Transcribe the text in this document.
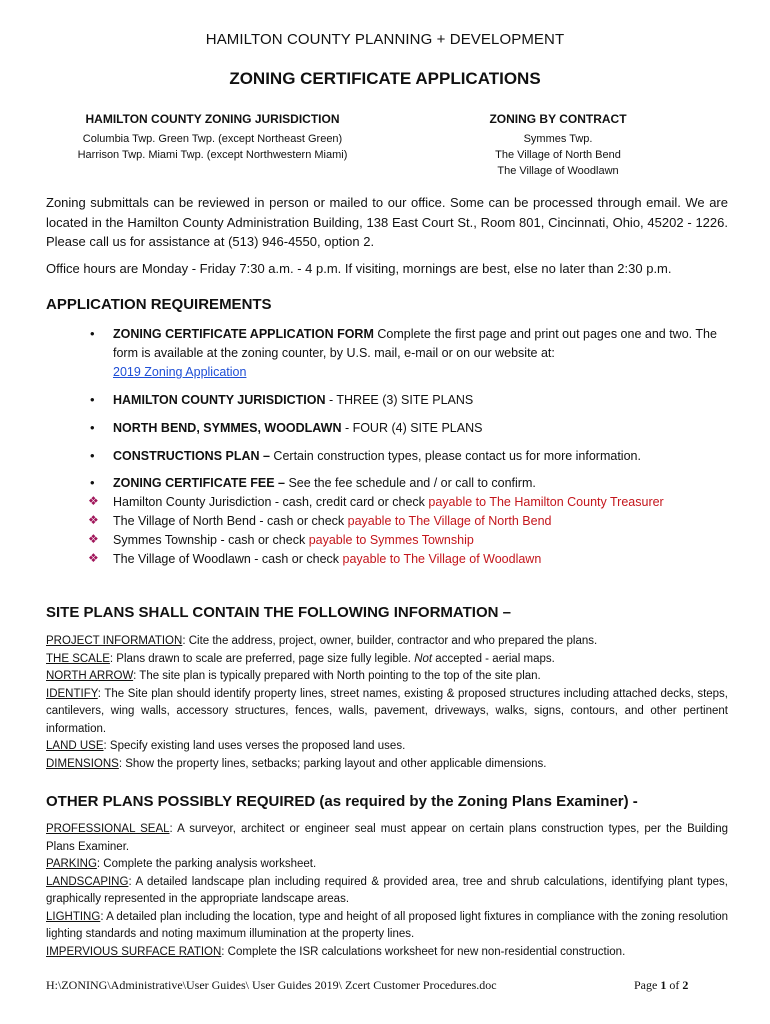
HAMILTON COUNTY PLANNING + DEVELOPMENT
ZONING CERTIFICATE APPLICATIONS
HAMILTON COUNTY ZONING JURISDICTION
Columbia Twp. Green Twp. (except Northeast Green)
Harrison Twp. Miami Twp. (except Northwestern Miami)
ZONING BY CONTRACT
Symmes Twp.
The Village of North Bend
The Village of Woodlawn
Zoning submittals can be reviewed in person or mailed to our office. Some can be processed through email. We are located in the Hamilton County Administration Building, 138 East Court St., Room 801, Cincinnati, Ohio, 45202 - 1226. Please call us for assistance at (513) 946-4550, option 2.
Office hours are Monday - Friday 7:30 a.m. - 4 p.m. If visiting, mornings are best, else no later than 2:30 p.m.
APPLICATION REQUIREMENTS
• ZONING CERTIFICATE APPLICATION FORM Complete the first page and print out pages one and two. The form is available at the zoning counter, by U.S. mail, e-mail or on our website at:
2019 Zoning Application
• HAMILTON COUNTY JURISDICTION - THREE (3) SITE PLANS
• NORTH BEND, SYMMES, WOODLAWN - FOUR (4) SITE PLANS
• CONSTRUCTIONS PLAN – Certain construction types, please contact us for more information.
• ZONING CERTIFICATE FEE – See the fee schedule and / or call to confirm.
❖ Hamilton County Jurisdiction - cash, credit card or check payable to The Hamilton County Treasurer
❖ The Village of North Bend - cash or check payable to The Village of North Bend
❖ Symmes Township - cash or check payable to Symmes Township
❖ The Village of Woodlawn - cash or check payable to The Village of Woodlawn
SITE PLANS SHALL CONTAIN THE FOLLOWING INFORMATION –
PROJECT INFORMATION: Cite the address, project, owner, builder, contractor and who prepared the plans.
THE SCALE: Plans drawn to scale are preferred, page size fully legible. Not accepted - aerial maps.
NORTH ARROW: The site plan is typically prepared with North pointing to the top of the site plan.
IDENTIFY: The Site plan should identify property lines, street names, existing & proposed structures including attached decks, steps, cantilevers, wing walls, accessory structures, fences, walls, pavement, driveways, walks, signs, contours, and other pertinent information.
LAND USE: Specify existing land uses verses the proposed land uses.
DIMENSIONS: Show the property lines, setbacks; parking layout and other applicable dimensions.
OTHER PLANS POSSIBLY REQUIRED (as required by the Zoning Plans Examiner) -
PROFESSIONAL SEAL: A surveyor, architect or engineer seal must appear on certain plans construction types, per the Building Plans Examiner.
PARKING: Complete the parking analysis worksheet.
LANDSCAPING: A detailed landscape plan including required & provided area, tree and shrub calculations, identifying plant types, graphically represented in the appropriate landscape areas.
LIGHTING: A detailed plan including the location, type and height of all proposed light fixtures in compliance with the zoning resolution lighting standards and noting maximum illumination at the property lines.
IMPERVIOUS SURFACE RATION: Complete the ISR calculations worksheet for new non-residential construction.
H:\ZONING\Administrative\User Guides\ User Guides 2019\ Zcert Customer Procedures.doc	Page 1 of 2
